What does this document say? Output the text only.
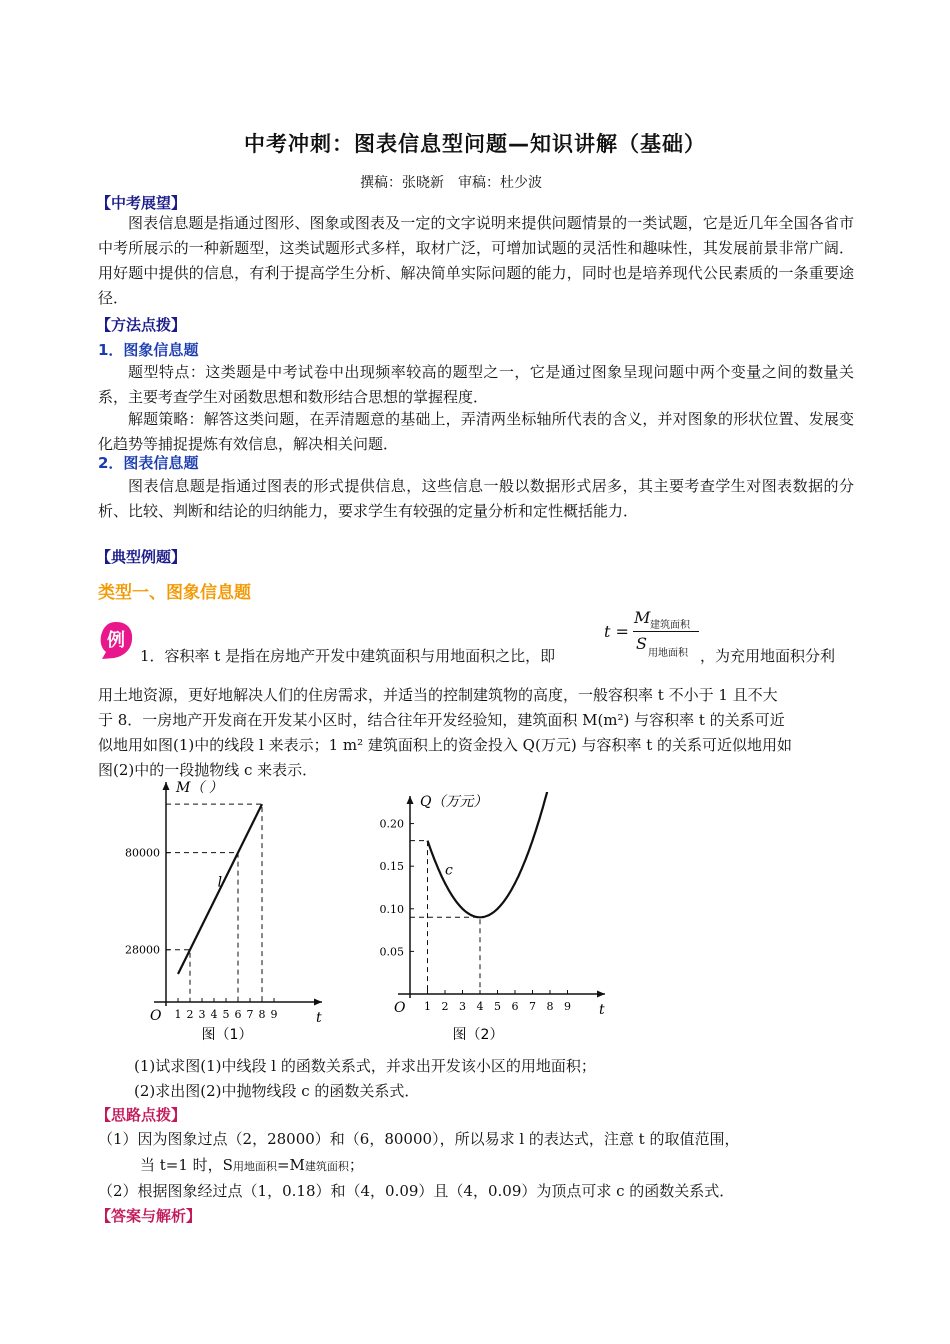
中考冲刺：图表信息型问题—知识讲解（基础）
撰稿：张晓新　审稿：杜少波
【中考展望】
图表信息题是指通过图形、图象或图表及一定的文字说明来提供问题情景的一类试题，它是近几年全国各省市中考所展示的一种新题型，这类试题形式多样，取材广泛，可增加试题的灵活性和趣味性，其发展前景非常广阔．用好题中提供的信息，有利于提高学生分析、解决简单实际问题的能力，同时也是培养现代公民素质的一条重要途径．
【方法点拨】
1．图象信息题
题型特点：这类题是中考试卷中出现频率较高的题型之一，它是通过图象呈现问题中两个变量之间的数量关系，主要考查学生对函数思想和数形结合思想的掌握程度．
解题策略：解答这类问题，在弄清题意的基础上，弄清两坐标轴所代表的含义，并对图象的形状位置、发展变化趋势等捕捉提炼有效信息，解决相关问题．
2．图表信息题
图表信息题是指通过图表的形式提供信息，这些信息一般以数据形式居多，其主要考查学生对图表数据的分析、比较、判断和结论的归纳能力，要求学生有较强的定量分析和定性概括能力．
【典型例题】
类型一、图象信息题
例
1．容积率 t 是指在房地产开发中建筑面积与用地面积之比，即
t =
M 建筑面积
S
用地面积 ，为充用地面积分利
用土地资源，更好地解决人们的住房需求，并适当的控制建筑物的高度，一般容积率 t 不小于 1 且不大
于 8．一房地产开发商在开发某小区时，结合往年开发经验知，建筑面积 M(m²) 与容积率 t 的关系可近
似地用如图(1)中的线段 l 来表示；1 m² 建筑面积上的资金投入 Q(万元) 与容积率 t 的关系可近似地用如
图(2)中的一段抛物线 c 来表示．
O	t
M（ ）
1 2 3 4 5 6 7 8 9
28000
80000
l
图（1）
O	t
Q（万元）
1 2 3 4 5 6 7 8 9
0.05
0.10
0.15
0.20
c
图（2）
(1)试求图(1)中线段 l 的函数关系式，并求出开发该小区的用地面积；
(2)求出图(2)中抛物线段 c 的函数关系式．
【思路点拨】
（1）因为图象过点（2，28000）和（6，80000），所以易求 l 的表达式，注意 t 的取值范围，
当 t=1 时，S用地面积=M建筑面积；
（2）根据图象经过点（1，0.18）和（4，0.09）且（4，0.09）为顶点可求 c 的函数关系式．
【答案与解析】
